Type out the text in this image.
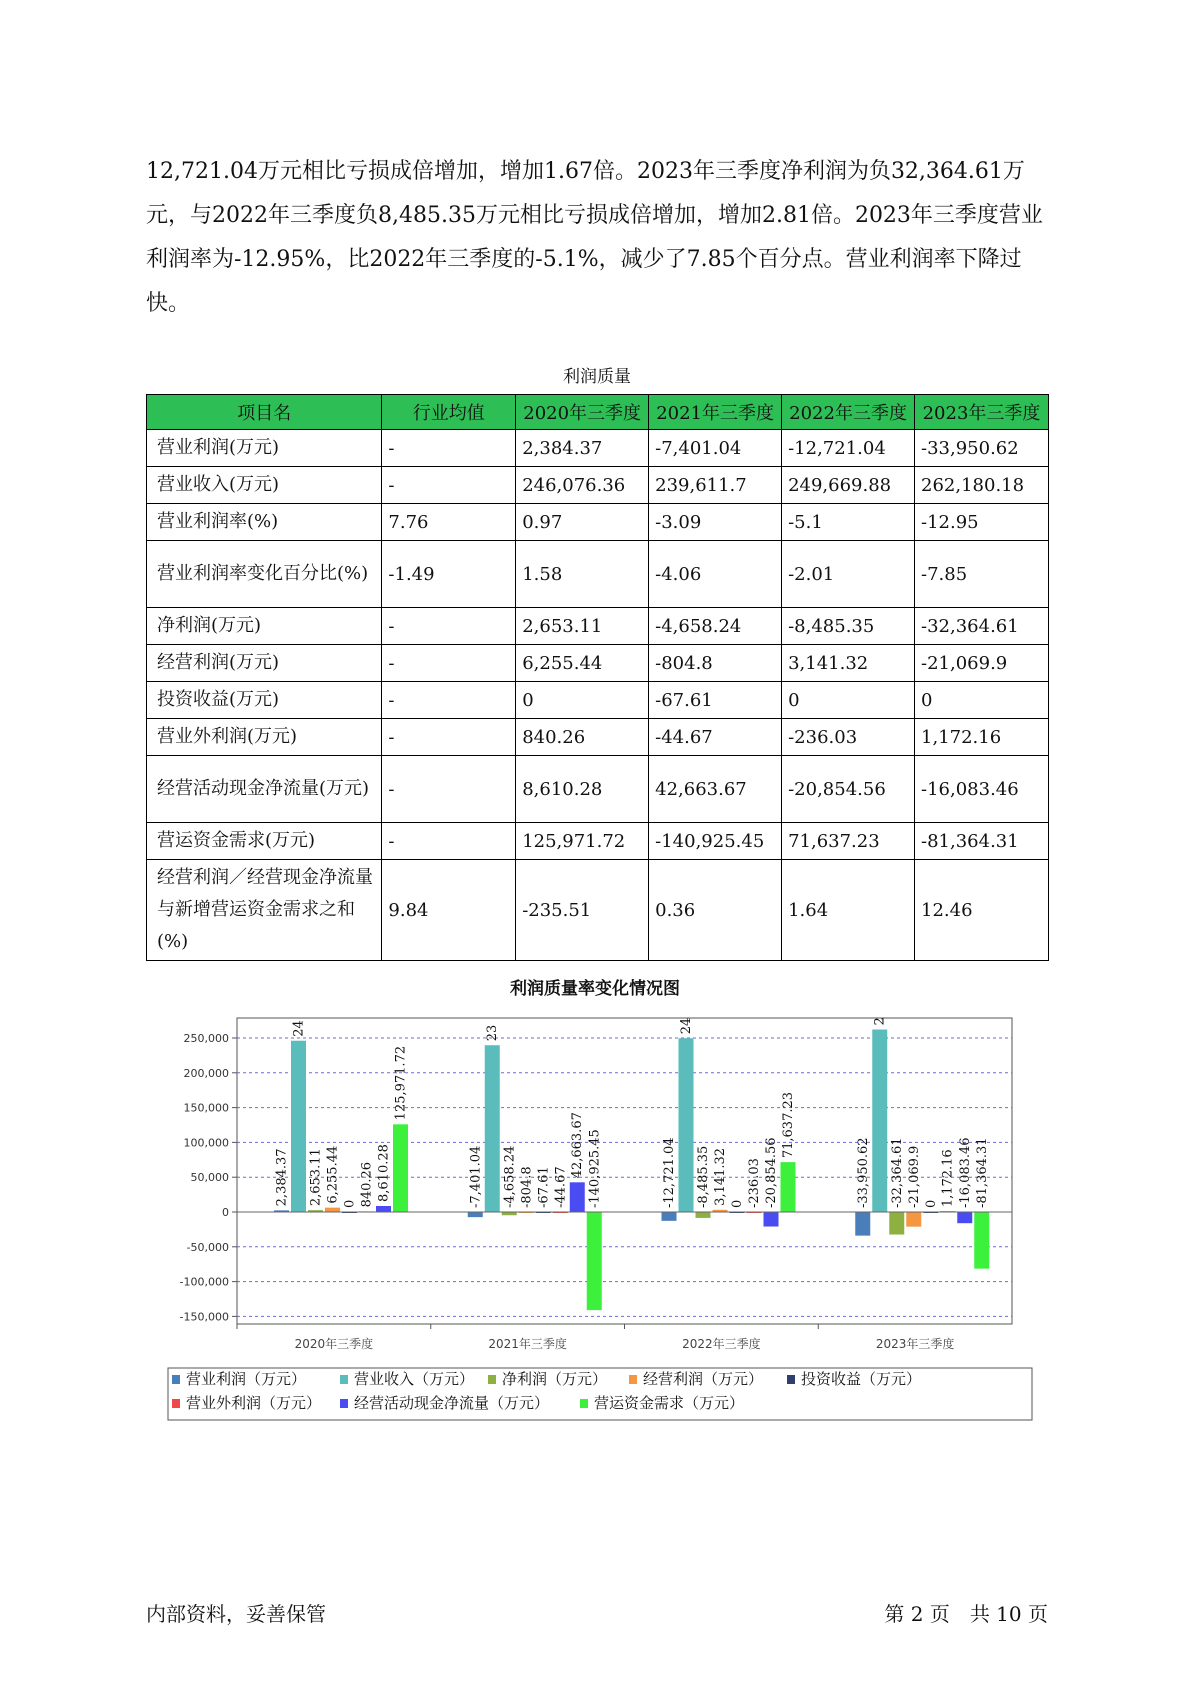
12,721.04万元相比亏损成倍增加，增加1.67倍。2023年三季度净利润为负32,364.61万元，与2022年三季度负8,485.35万元相比亏损成倍增加，增加2.81倍。2023年三季度营业利润率为-12.95%，比2022年三季度的-5.1%，减少了7.85个百分点。营业利润率下降过快。

利润质量

项目名	行业均值	2020年三季度	2021年三季度	2022年三季度	2023年三季度
营业利润(万元)	-	2,384.37	-7,401.04	-12,721.04	-33,950.62
营业收入(万元)	-	246,076.36	239,611.7	249,669.88	262,180.18
营业利润率(%)	7.76	0.97	-3.09	-5.1	-12.95
营业利润率变化百分比(%)	-1.49	1.58	-4.06	-2.01	-7.85
净利润(万元)	-	2,653.11	-4,658.24	-8,485.35	-32,364.61
经营利润(万元)	-	6,255.44	-804.8	3,141.32	-21,069.9
投资收益(万元)	-	0	-67.61	0	0
营业外利润(万元)	-	840.26	-44.67	-236.03	1,172.16
经营活动现金净流量(万元)	-	8,610.28	42,663.67	-20,854.56	-16,083.46
营运资金需求(万元)	-	125,971.72	-140,925.45	71,637.23	-81,364.31
经营利润／经营现金净流量与新增营运资金需求之和(%)	9.84	-235.51	0.36	1.64	12.46
利润质量率变化情况图
-150,000
-100,000
-50,000
0
50,000
100,000
150,000
200,000
250,000
2,384.37
24
2,653.11 6,255.44
0 840.26 8,610.28
125,971.72
-7,401.04
23
-4,658.24 -804.8 -67.61 -44.67
42,663.67 -140,925.45	-12,721.04
24
-8,485.35 3,141.32 0 -236.03 -20,854.56
71,637.23
-33,950.62
2
-32,364.61 -21,069.9 0 1,172.16 -16,083.46 -81,364.31
2020年三季度	2021年三季度	2022年三季度	2023年三季度
营业利润（万元）	营业收入（万元） 净利润（万元） 经营利润（万元）	投资收益（万元）
营业外利润（万元） 经营活动现金净流量（万元）	营运资金需求（万元）

内部资料，妥善保管	第 2 页　共 10 页
